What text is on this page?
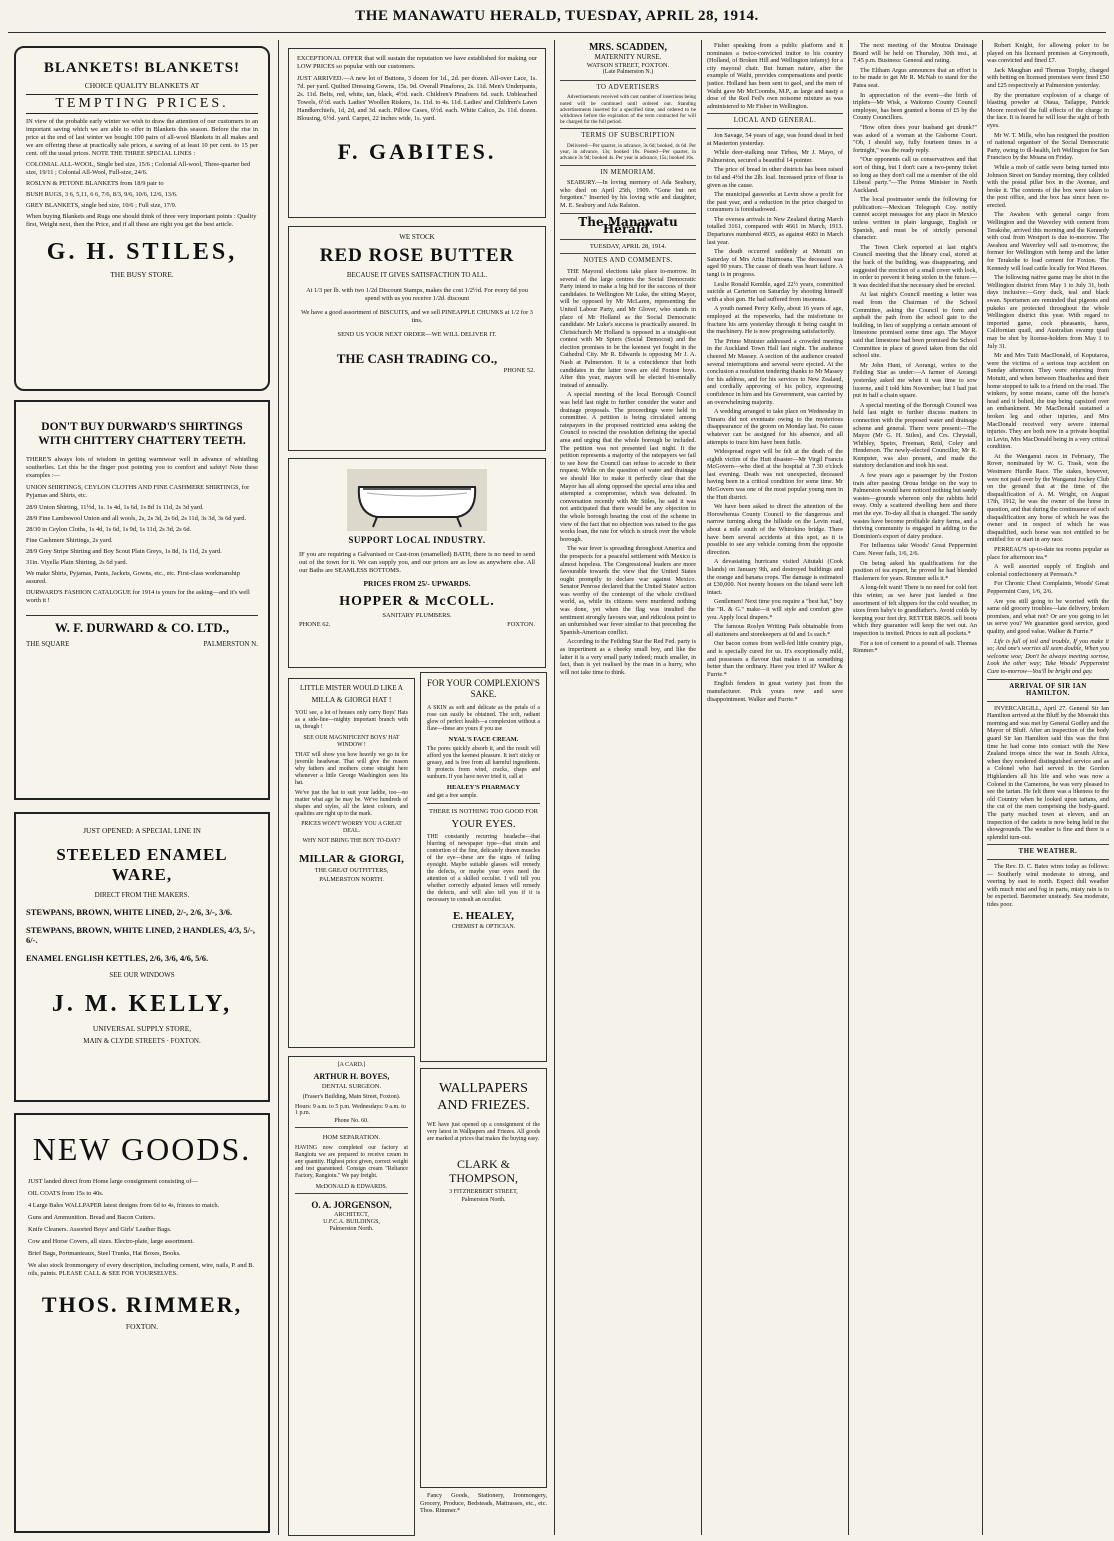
THE MANAWATU HERALD, TUESDAY, APRIL 28, 1914.
BLANKETS! BLANKETS!
CHOICE QUALITY BLANKETS AT
TEMPTING PRICES.
IN view of the probable early winter we wish to draw the attention of our customers to an important saving which we are able to offer in Blankets this season. Before the rise in price at the end of last winter we bought 100 pairs of all-wool Blankets in all makes and we are offering these at practically sale prices, a saving of at least 10 per cent. to 15 per cent. off the usual prices. NOTE THE THREE SPECIAL LINES :
COLONIAL ALL-WOOL, Single bed size, 15/6 ; Colonial All-wool, Three-quarter bed size, 19/11 ; Colonial All-Wool, Full-size, 24/6.
ROSLYN & PETONE BLANKETS from 18/9 pair to
BUSH RUGS, 3 6, 5,11, 6 6, 7/6, 8/3, 9/6, 10/6, 12/6, 13/6.
GREY BLANKETS, single bed size, 10/6 ; Full size, 17/9.
When buying Blankets and Rugs one should think of three very important points : Quality first, Weight next, then the Price, and if all these are right you get the best article.
G. H. STILES,
THE BUSY STORE.
DON'T BUY DURWARD'S SHIRTINGS WITH CHITTERY CHATTERY TEETH.
THERE'S always lots of wisdom in getting warmwear well in advance of whistling southerlies. Let this be the finger post pointing you to comfort and safety! Note these examples :—
UNION SHIRTINGS, CEYLON CLOTHS AND FINE CASHMERE SHIRTINGS, for Pyjamas and Shirts, etc.
28/9 Union Shirting, 11½d, 1s. 1s 4d, 1s 6d, 1s 8d 1s 11d, 2s 3d yard.
28/9 Fine Lambswool Union and all wools, 2s, 2s 3d, 2s 6d, 2s 11d, 3s 3d, 3s 6d yard.
28/30 in Ceylon Cloths, 1s 4d, 1s 6d, 1s 9d, 1s 11d, 2s 3d, 2s 6d.
Fine Cashmere Shirtings, 2s yard.
28/9 Grey Stripe Shirting and Boy Scout Plain Greys, 1s 8d, 1s 11d, 2s yard.
31in. Viyella Plain Shirting, 2s 6d yard.
We make Shirts, Pyjamas, Pants, Jackets, Gowns, etc., etc. First-class workmanship assured.
DURWARD'S FASHION CATALOGUE for 1914 is yours for the asking—and it's well worth it !
W. F. DURWARD & CO. LTD.,
THE SQUARE	PALMERSTON N.
JUST OPENED: A SPECIAL LINE IN
STEELED ENAMEL WARE,
DIRECT FROM THE MAKERS.
STEWPANS, BROWN, WHITE LINED, 2/-, 2/6, 3/-, 3/6.
STEWPANS, BROWN, WHITE LINED, 2 HANDLES, 4/3, 5/-, 6/-.
ENAMEL ENGLISH KETTLES, 2/6, 3/6, 4/6, 5/6.
SEE OUR WINDOWS
J. M. KELLY,
UNIVERSAL SUPPLY STORE,
MAIN & CLYDE STREETS · FOXTON.
NEW GOODS.
JUST landed direct from Home large consignment consisting of—
OIL COATS from 15s to 40s.
4 Large Bales WALLPAPER latest designs from 6d to 4s, friezes to match.
Guns and Ammunition. Bread and Bacon Cutters.
Knife Cleaners. Assorted Boys' and Girls' Leather Bags.
Cow and Horse Covers, all sizes. Electro-plate, large assortment.
Brief Bags, Portmanteaux, Steel Trunks, Hat Boxes, Books.
We also stock Ironmongery of every description, including cement, wire, nails, P. and B. oils, paints. PLEASE CALL & SEE FOR YOURSELVES.
THOS. RIMMER,
FOXTON.
EXCEPTIONAL OFFER that will sustain the reputation we have established for making our LOW PRICES so popular with our customers.
JUST ARRIVED.—A new lot of Buttons, 3 dozen for 1d., 2d. per dozen. All-over Lace, 1s. 7d. per yard. Quilted Dressing Gowns, 15s. 9d. Overall Pinafores, 2s. 11d. Men's Underpants, 2s. 11d. Belts, red, white, tan, black, 4½d. each. Children's Pinafores 6d. each. Unbleached Towels, 6½d. each. Ladies' Woollen Riskers, 1s. 11d. to 4s. 11d. Ladies' and Children's Lawn Handkerchiefs, 1d, 2d, and 3d. each. Pillow Cases, 6½d. each. White Calico, 2s. 11d. dozen. Blousing, 6½d. yard. Carpet, 22 inches wide, 1s. yard.
F. GABITES.
WE STOCK
RED ROSE BUTTER
BECAUSE IT GIVES SATISFACTION TO ALL.
At 1/3 per lb. with two 1/2d Discount Stamps, makes the cost 1/2½d. For every 6d you spend with us you receive 1/2d. discount
We have a good assortment of BISCUITS, and we sell PINEAPPLE CHUNKS at 1/2 for 3 tins.
SEND US YOUR NEXT ORDER—WE WILL DELIVER IT.
THE CASH TRADING CO.,
PHONE 52.
SUPPORT LOCAL INDUSTRY.
IF you are requiring a Galvanised or Cast-iron (enamelled) BATH, there is no need to send out of the town for it. We can supply you, and our prices are as low as anywhere else. All our Baths are SEAMLESS BOTTOMS.
PRICES FROM 25/- UPWARDS.
HOPPER & McCOLL.
SANITARY PLUMBERS.
PHONE 62.	FOXTON.
LITTLE MISTER WOULD LIKE A
MILLA & GIORGI HAT !
YOU see, a lot of houses only carry Boys' Hats as a side-line—mighty important branch with us, though !
SEE OUR MAGNIFICENT BOYS' HAT WINDOW !
THAT will show you how heavily we go in for juvenile headwear. That will give the reason why fathers and mothers come straight here whenever a little George Washington sees his hat.
We've just the hat to suit your laddie, too—no matter what age he may be. We've hundreds of shapes and styles, all the latest colours, and qualities are right up to the mark.
PRICES WON'T WORRY YOU A GREAT DEAL.
WHY NOT BRING THE BOY TO-DAY?
MILLAR & GIORGI,
THE GREAT OUTFITTERS,
PALMERSTON NORTH.
FOR YOUR COMPLEXION'S SAKE.
A SKIN as soft and delicate as the petals of a rose can easily be obtained. The soft, radiant glow of perfect health—a complexion without a flaw—these are yours if you use
NYAL'S FACE CREAM.
The pores quickly absorb it, and the result will afford you the keenest pleasure. It isn't sticky or greasy, and is free from all harmful ingredients. It protects from wind, cracks, chaps and sunburn. If you have never tried it, call at
HEALEY'S PHARMACY
and get a free sample.
THERE IS NOTHING TOO GOOD FOR
YOUR EYES.
THE constantly recurring headache—that blurring of newspaper type—that strain and contortion of the fine, delicately drawn muscles of the eye—these are the signs of failing eyesight. Maybe suitable glasses will remedy the defects, or maybe your eyes need the attention of a skilled occulist. I will tell you whether correctly adjusted lenses will remedy the defects, and will also tell you if it is necessary to consult an occulist.
E. HEALEY,
CHEMIST & OPTICIAN.
[A CARD.]
ARTHUR H. BOYES,
DENTAL SURGEON.
(Fraser's Building, Main Street, Foxton).
Hours: 9 a.m. to 5 p.m. Wednesdays: 9 a.m. to 1 p.m.
Phone No. 60.
HOM SEPARATION.
HAVING now completed our factory at Rangiotu we are prepared to receive cream in any quantity. Highest price given, correct weight and test guaranteed. Consign cream "Reliance Factory, Rangiotu." We pay freight.
McDONALD & EDWARDS.
O. A. JORGENSON,
ARCHITECT,
U.F.C.A. BUILDINGS,
Palmerston North.
WALLPAPERS AND FRIEZES.
WE have just opened up a consignment of the very latest in Wallpapers and Friezes. All goods are marked at prices that makes the buying easy.
CLARK & THOMPSON,
3 FITZHERBERT STREET,
Palmerston North.

Fancy Goods, Stationery, Ironmongery, Grocery, Produce, Bedsteads, Mattrasses, etc., etc. Thos. Rimmer.*

MRS. SCADDEN,
MATERNITY NURSE.
WATSON STREET, FOXTON.
(Late Palmerston N.)
TO ADVERTISERS

Advertisements received with cost number of insertions being noted will be continued until ordered out. Standing advertisements inserted for a specified time, and ordered to be withdrawn before the expiration of the term contracted for will be charged for the full period.

TERMS OF SUBSCRIPTION

Delivered—Per quarter, in advance, 3s 6d; booked, 4s 6d. Per year, in advance, 13s; booked 16s. Posted—Per quarter, in advance 3s 9d; booked 4s. Per year in advance, 15s; booked 16s.

IN MEMORIAM.

SEABURY.—In loving memory of Ada Seabury, who died on April 25th, 1909. "Gone but not forgotten." Inserted by his loving wife and daughter, M. E. Seabury and Ada Ralston.

The Manawatu Herald.
TUESDAY, APRIL 28, 1914.
NOTES AND COMMENTS.

THE Mayoral elections take place to-morrow. In several of the large centres the Social Democratic Party intend to make a big bid for the success of their candidates. In Wellington Mr Luke, the sitting Mayor, will be opposed by Mr McLaren, representing the United Labour Party, and Mr Glover, who stands in place of Mr Holland as the Social Democratic candidate. Mr Luke's success is practically assured. In Christchurch Mr Holland is opposed in a straight-out contest with Mr Spiers (Social Democrat) and the election promises to be the keenest yet fought in the Cathedral City. Mr R. Edwards is opposing Mr J. A. Nash at Palmerston. It is a coincidence that both candidates in the latter town are old Foxton boys. After this year, mayors will be elected bi-ennially instead of annually.

A special meeting of the local Borough Council was held last night to further consider the water and drainage proposals. The proceedings were held in committee. A petition is being circulated among ratepayers in the proposed restricted area asking the Council to rescind the resolution defining the special area and urging that the whole borough be included. The petition was not presented last night. It the petition represents a majority of the ratepayers we fail to see how the Council can refuse to accede to their request. While on the question of water and drainage we should like to make it perfectly clear that the Mayor has all along opposed the special area idea and attempted a compromise, which was defeated. In conversation recently with Mr Stiles, he said it was not anticipated that there would be any objection to the whole borough bearing the cost of the scheme in view of the fact that no objection was raised to the gas works loan, the rate for which is struck over the whole borough.

The war fever is spreading throughout America and the prospects for a peaceful settlement with Mexico is almost hopeless. The Congressional leaders are more favourable towards the view that the United States ought promptly to declare war against Mexico. Senator Penrose declared that the United States' action was worthy of the contempt of the whole civilised world, as, while its citizens were murdered nothing was done, yet when the flag was insulted the sentiment strongly favours war, and ridiculous point to an unfurnished war fever similar to that preceding the Spanish-American conflict.

According to the Feilding Star the Red Fed. party is as impertinent as a cheeky small boy, and like the latter it is a very small party indeed; much smaller, in fact, than is yet realised by the man in a hurry, who will not take time to think.

Fisher speaking from a public platform and it nominates a twice-convicted traitor to his country (Holland, of Broken Hill and Wellington infamy) for a city mayoral chair. But human nature, after the example of Waihi, provides compensations and poetic justice. Holland has been sent to gaol, and the men of Waihi gave Mr McCoombs, M.P., as large and nasty a dose of the Red Fed's own noisome mixture as was administered to Mr Fisher in Wellington.

LOCAL AND GENERAL.

Jon Savage, 54 years of age, was found dead in bed at Masterton yesterday.

While deer-stalking near Tirhea, Mr J. Mayo, of Palmerston, secured a beautiful 14 pointer.

The price of bread in other districts has been raised to 6d and 4½d the 2lb. loaf. Increased price of flour is given as the cause.

The municipal gasworks at Levin show a profit for the past year, and a reduction in the price charged to consumers is foreshadowed.

The oversea arrivals in New Zealand during March totalled 3161, compared with 4661 in March, 1913. Departures numbered 4935, as against 4683 in March last year.

The death occurred suddenly at Motuiti on Saturday of Mrs Arita Haimoana. The deceased was aged 90 years. The cause of death was heart failure. A tangi is in progress.

Leslie Ronald Kemble, aged 22½ years, committed suicide at Carterton on Saturday by shooting himself with a shot gun. He had suffered from insomnia.

A youth named Percy Kelly, about 16 years of age, employed at the ropeworks, had the misfortune to fracture his arm yesterday through it being caught in the machinery. He is now progressing satisfactorily.

The Prime Minister addressed a crowded meeting in the Auckland Town Hall last night. The audience cheered Mr Massey. A section of the audience created several interruptions and several were ejected. At the conclusion a resolution tendering thanks to Mr Massey for his address, and for his services to New Zealand, and cordially approving of his policy, expressing confidence in him and his Government, was carried by an overwhelming majority.

A wedding arranged to take place on Wednesday in Timaru did not eventuate owing to the mysterious disappearance of the groom on Monday last. No cause whatever can be assigned for his absence, and all attempts to trace him have been futile.

Widespread regret will be felt at the death of the eighth victim of the Hutt disaster—Mr Virgil Francis McGovern—who died at the hospital at 7.30 o'clock last evening. Death was not unexpected, deceased having been in a critical condition for some time. Mr McGovern was one of the most popular young men in the Hutt district.

We have been asked to direct the attention of the Horowhenua County Council to the dangerous and narrow turning along the hillside on the Levin road, about a mile south of the Whirokino bridge. There have been several accidents at this spot, as it is possible to see any vehicle coming from the opposite direction.

A devastating hurricane visited Aitutaki (Cook Islands) on January 9th, and destroyed buildings and the orange and banana crops. The damage is estimated at £30,000. Not twenty houses on the island were left intact.

Gentlemen! Next time you require a "best hat," buy the "R. & G." make—it will style and comfort give you. Apply local drapers.*

The famous Roslyn Writing Pads obtainable from all stationers and storekeepers at 6d and 1s each.*

Our bacon comes from well-fed little country pigs, and is specially cured for us. It's exceptionally mild, and possesses a flavour that makes it as something better than the ordinary. Have you tried it? Walker & Furrie.*

English fenders in great variety just from the manufacturer. Pick yours now and save disappointment. Walker and Furrie.*

The next meeting of the Moutoa Drainage Board will be held on Thursday, 30th inst., at 7.45 p.m. Business: General and rating.

The Eltham Argus announces that an effort is to be made to get Mr R. McNab to stand for the Patea seat.

In appreciation of the event—the birth of triplets—Mr Wisk, a Waitomo County Council employee, has been granted a bonus of £5 by the County Councillors.

"How often does your husband get drunk?" was asked of a woman at the Gisborne Court. "Oh, I should say, fully fourteen times in a fortnight," was the ready reply.

"Our opponents call us conservatives and that sort of thing, but I don't care a two-penny ticket so long as they don't call me a member of the old Liberal party."—The Prime Minister in North Auckland.

The local postmaster sends the following for publication:—Mexican Telegraph Coy. notify cannot accept messages for any place in Mexico unless written in plain language, English or Spanish, and must be of strictly personal character.

The Town Clerk reported at last night's Council meeting that the library coal, stored at the back of the building, was disappearing, and suggested the erection of a small cover with lock, in order to prevent it being stolen in the future.—It was decided that the necessary shed be erected.

At last night's Council meeting a letter was read from the Chairman of the School Committee, asking the Council to form and asphalt the path from the school gate to the building, in lieu of supplying a certain amount of limestone promised some time ago. The Mayor said that limestone had been promised the School Committee in place of gravel taken from the old school site.

Mr John Hunt, of Aorangi, writes to the Feilding Star as under:—A farmer of Aorangi yesterday asked me when it was time to sow lucerne, and I told him November; but I had just put in half a chain square.

A special meeting of the Borough Council was held last night to further discuss matters in connection with the proposed water and drainage scheme and general. There were present:—The Mayor (Mr G. H. Stiles), and Crs. Chrystall, Whibley, Speirs, Freeman, Reid, Coley and Henderson. The newly-elected Councillor, Mr R. Kempster, was also present, and made the statutory declaration and took his seat.

A few years ago a passenger by the Foxton train after passing Oroua bridge on the way to Palmerston would have noticed nothing but sandy wastes—grounds whereon only the rabbits held sway. Only a scattered dwelling here and there met the eye. To-day all that is changed. The sandy wastes have become profitable dairy farms, and a thriving community is engaged in adding to the Dominion's export of dairy produce.

For Influenza take Woods' Great Peppermint Cure. Never fails, 1/6, 2/6.

On being asked his qualifications for the position of tea expert, he proved he had blended Haslemere for years. Rimmer sells it.*

A long-felt want! There is no need for cold feet this winter, as we have just landed a fine assortment of felt slippers for the cold weather, in sizes from baby's to grandfather's. Avoid colds by keeping your feet dry. RETTER BROS. sell boots which they guarantee will keep the wet out. An inspection is invited. Prices to suit all pockets.*

For a ton of cement to a pound of salt. Thomas Rimmer.*

Robert Knight, for allowing poker to be played on his licensed premises at Greymouth, was convicted and fined £7.

Jack Maughan and Thomas Torphy, charged with betting on licensed premises were fined £50 and £25 respectively at Palmerston yesterday.

By the premature explosion of a charge of blasting powder at Otaua, Tailappe, Patrick Moore received the full effects of the charge in the face. It is feared he will lose the sight of both eyes.

Mr W. T. Mills, who has resigned the position of national organiser of the Social Democratic Party, owing to ill-health, left Wellington for San Francisco by the Moana on Friday.

While a mob of cattle were being turned into Johnson Street on Sunday morning, they collided with the postal pillar box in the Avenue, and broke it. The contents of the box were taken to the post office, and the box has since been re-erected.

The Awahou with general cargo from Wellington and the Waverley with cement from Terakohe, arrived this morning and the Kennedy with coal from Westport is due to-morrow. The Awahou and Waverley will sail to-morrow, the former for Wellington with hemp and the latter for Terakohe to load cement for Foxton. The Kennedy will load cattle locally for West Haven.

The following native game may be shot in the Wellington district from May 1 to July 31, both days inclusive:—Grey duck, teal and black swan. Sportsmen are reminded that pigeons and pukeko are protected throughout the whole Wellington district this year. With regard to imported game, cock pheasants, hares, Californian quail, and Australian swamp quail may be shot by license-holders from May 1 to July 31.

Mr and Mrs Tuiti MacDonald, of Koputaroa, were the victims of a serious trap accident on Sunday afternoon. They were returning from Motuiti, and when between Heatherlea and their home stopped to talk to a friend on the road. The winkers, by some means, came off the horse's head and it bolted, the trap being capsized over an embankment. Mr MacDonald sustained a broken leg and other injuries, and Mrs MacDonald received very severe internal injuries. They are both now in a private hospital in Levin, Mrs MacDonald being in a very critical condition.

At the Wanganui races in February, The Rover, nominated by W. G. Trask, won the Westmere Hurdle Race. The stakes, however, were not paid over by the Wanganui Jockey Club on the ground that at the time of the disqualification of A. M. Wright, on August 17th, 1912, he was the owner of the horse in question, and that during the continuance of such disqualification any horse of which he was the owner and in respect of which he was disqualified, such horse was not entitled to be entitled for or start in any race.

PERREAU'S up-to-date tea rooms popular as place for afternoon tea.*

A well assorted supply of English and colonial confectionery at Perreau's.*

For Chronic Chest Complaints, Woods' Great Peppermint Cure, 1/6, 2/6.

Are you still going to be worried with the same old grocery troubles—late delivery, broken promises, and what not? Or are you going to let us serve you? We guarantee good service, good quality, and good value. Walker & Furrie.*

Life is full of toil and trouble, If you make it so; And one's worries all seem double, When you welcome woe; Don't be always meeting sorrow, Look the other way; Take Woods' Peppermint Cure to-morrow—You'll be bright and gay.

ARRIVAL OF SIR IAN HAMILTON.

INVERCARGILL, April 27. General Sir Ian Hamilton arrived at the Bluff by the Moeraki this morning and was met by General Godley and the Mayor of Bluff. After an inspection of the body guard Sir Ian Hamilton said this was the first time he had come into contact with the New Zealand troops since the war in South Africa, when they rendered distinguished service and as a Colonel who had served in the Gordon Highlanders all his life and who was now a Colonel in the Camerons, he was very pleased to see the tartan. He felt there was a likeness to the old Country when he looked upon tartans, and the cut of the men comprising the body-guard. The party reached town at eleven, and an inspection of the cadets is now being held in the showgrounds. The weather is fine and there is a splendid turn-out.

THE WEATHER.

The Rev. D. C. Bates wires today as follows:— Southerly wind moderate to strong, and veering by east to north. Expect dull weather with much mist and fog in parts, misty rain is to be expected. Barometer unsteady. Sea moderate, tides poor.
